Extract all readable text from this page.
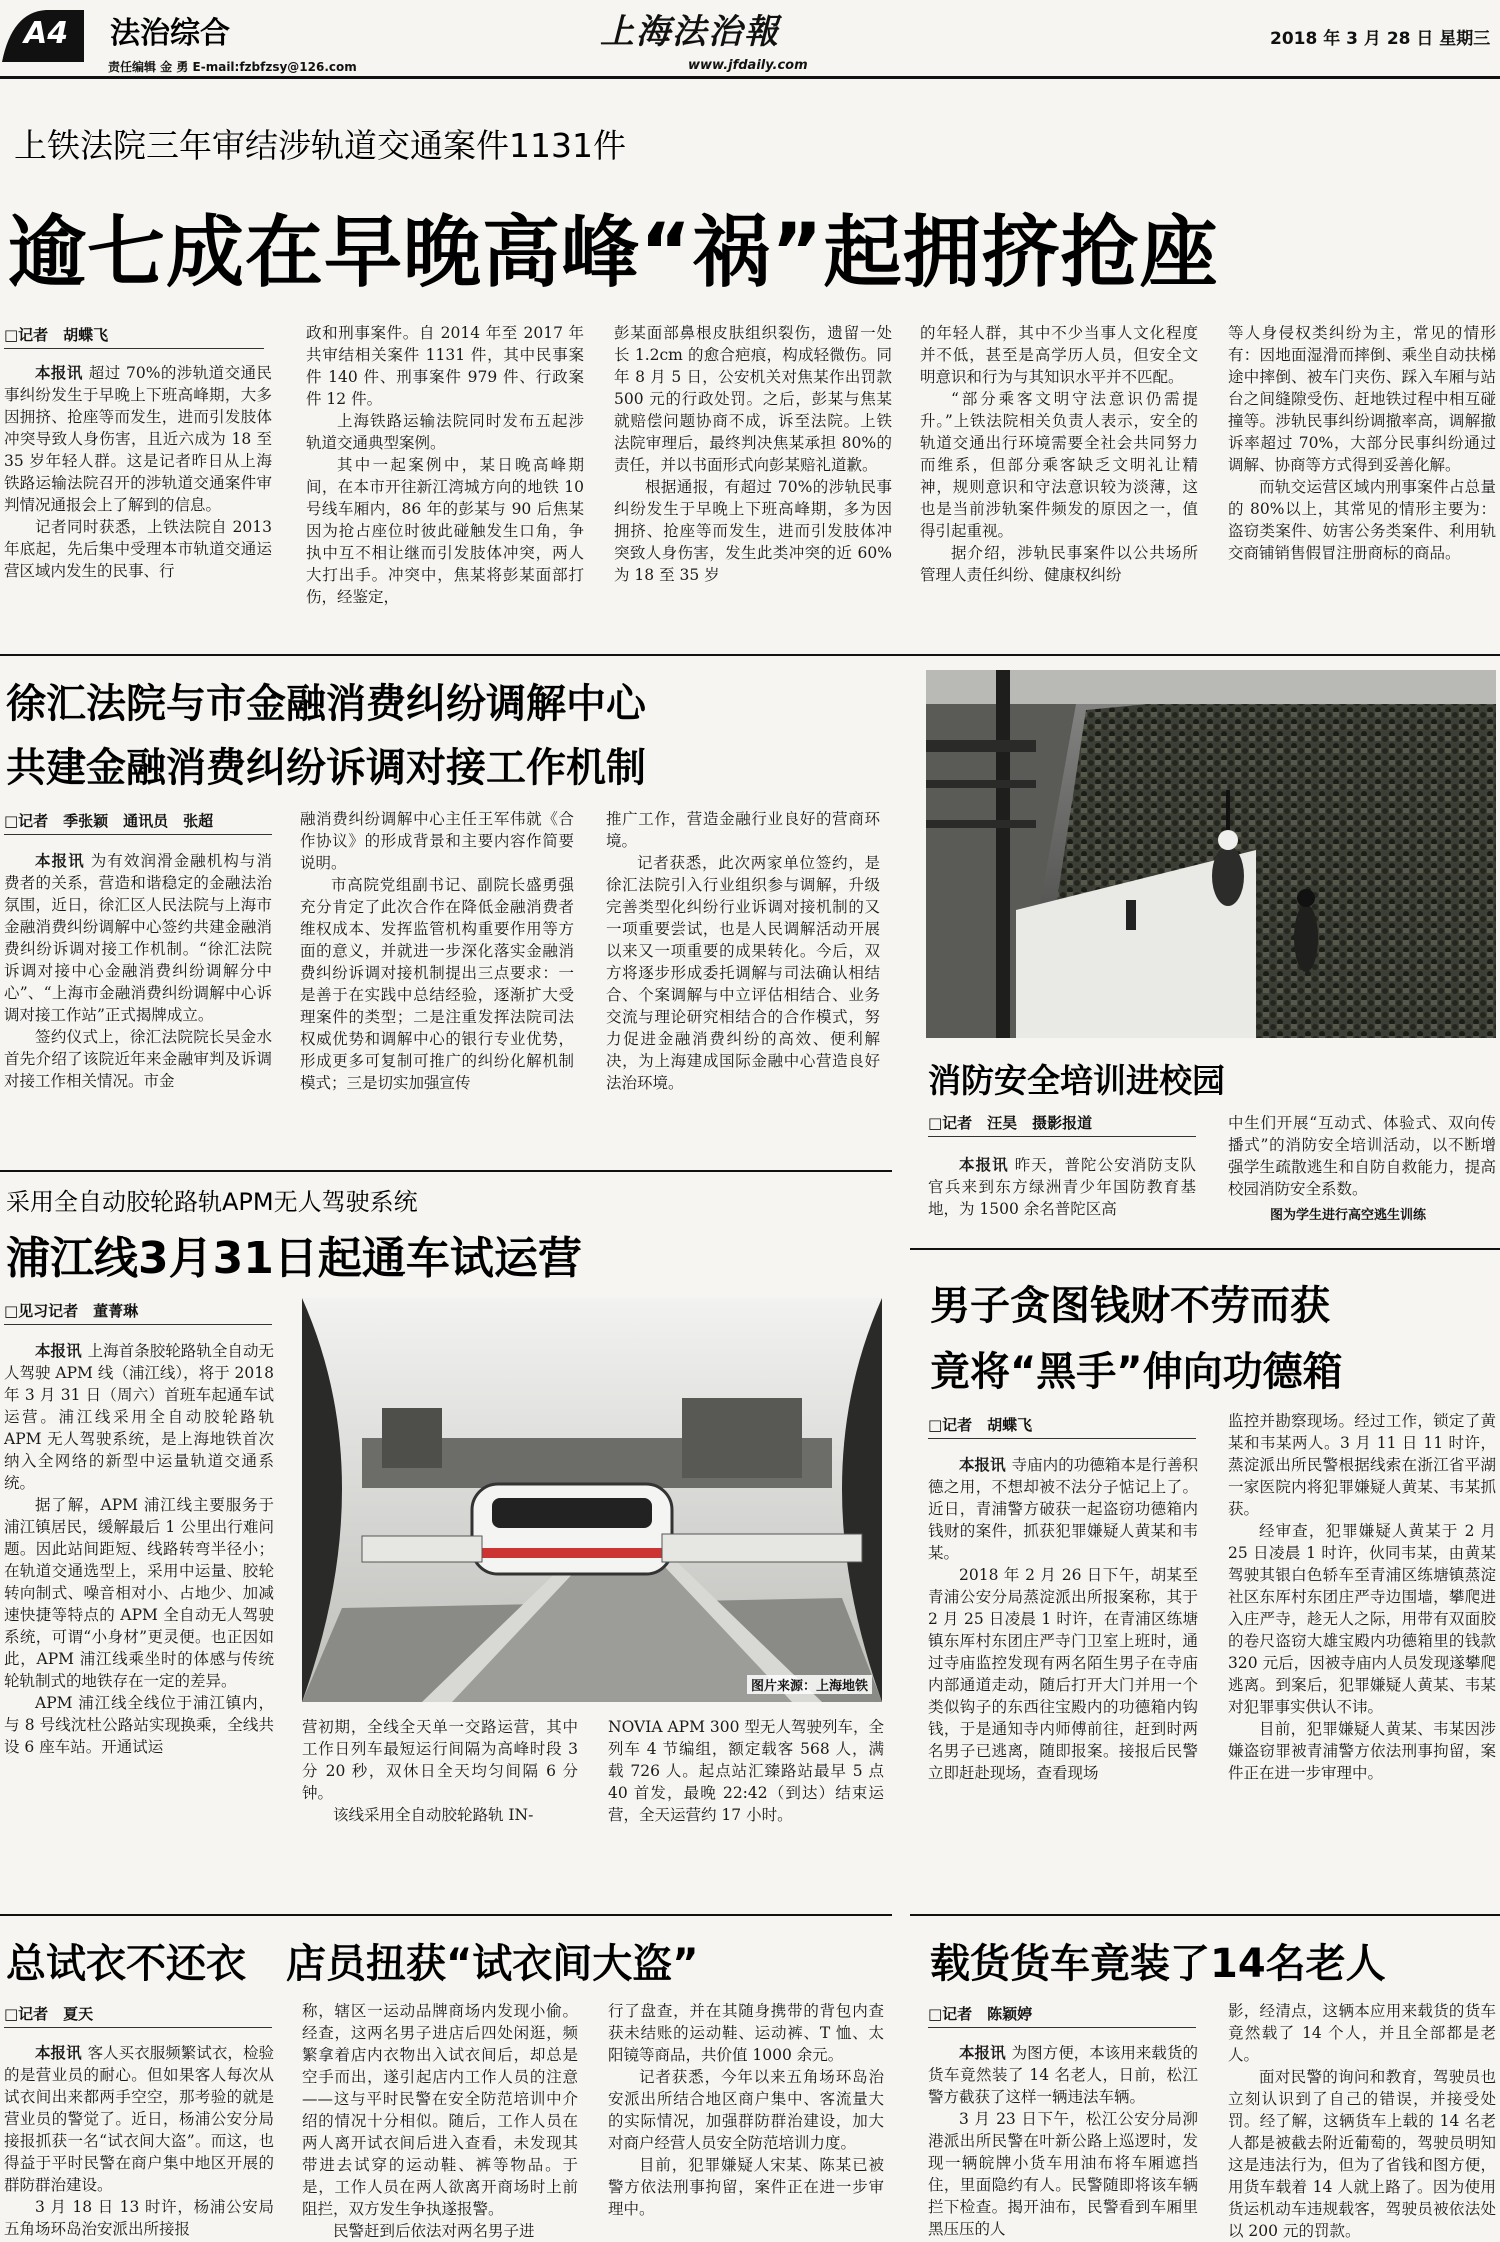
A4 法治综合
责任编辑 金 勇 E-mail:fzbfzsy@126.com
上海法治報
www.jfdaily.com
2018 年 3 月 28 日 星期三
上铁法院三年审结涉轨道交通案件1131件
逾七成在早晚高峰“祸”起拥挤抢座
□记者　胡蝶飞

本报讯 超过 70%的涉轨道交通民事纠纷发生于早晚上下班高峰期，大多因拥挤、抢座等而发生，进而引发肢体冲突导致人身伤害，且近六成为 18 至 35 岁年轻人群。这是记者昨日从上海铁路运输法院召开的涉轨道交通案件审判情况通报会上了解到的信息。

记者同时获悉，上铁法院自 2013 年底起，先后集中受理本市轨道交通运营区域内发生的民事、行

政和刑事案件。自 2014 年至 2017 年共审结相关案件 1131 件，其中民事案件 140 件、刑事案件 979 件、行政案件 12 件。

上海铁路运输法院同时发布五起涉轨道交通典型案例。

其中一起案例中，某日晚高峰期间，在本市开往新江湾城方向的地铁 10 号线车厢内，86 年的彭某与 90 后焦某因为抢占座位时彼此碰触发生口角，争执中互不相让继而引发肢体冲突，两人大打出手。冲突中，焦某将彭某面部打伤，经鉴定，

彭某面部鼻根皮肤组织裂伤，遗留一处长 1.2cm 的愈合疤痕，构成轻微伤。同年 8 月 5 日，公安机关对焦某作出罚款 500 元的行政处罚。之后，彭某与焦某就赔偿问题协商不成，诉至法院。上铁法院审理后，最终判决焦某承担 80%的责任，并以书面形式向彭某赔礼道歉。

根据通报，有超过 70%的涉轨民事纠纷发生于早晚上下班高峰期，多为因拥挤、抢座等而发生，进而引发肢体冲突致人身伤害，发生此类冲突的近 60%为 18 至 35 岁

的年轻人群，其中不少当事人文化程度并不低，甚至是高学历人员，但安全文明意识和行为与其知识水平并不匹配。

“部分乘客文明守法意识仍需提升。”上铁法院相关负责人表示，安全的轨道交通出行环境需要全社会共同努力而维系，但部分乘客缺乏文明礼让精神，规则意识和守法意识较为淡薄，这也是当前涉轨案件频发的原因之一，值得引起重视。

据介绍，涉轨民事案件以公共场所管理人责任纠纷、健康权纠纷

等人身侵权类纠纷为主，常见的情形有：因地面湿滑而摔倒、乘坐自动扶梯途中摔倒、被车门夹伤、踩入车厢与站台之间缝隙受伤、赶地铁过程中相互碰撞等。涉轨民事纠纷调撤率高，调解撤诉率超过 70%，大部分民事纠纷通过调解、协商等方式得到妥善化解。

而轨交运营区域内刑事案件占总量的 80%以上，其常见的情形主要为：盗窃类案件、妨害公务类案件、利用轨交商铺销售假冒注册商标的商品。

徐汇法院与市金融消费纠纷调解中心
共建金融消费纠纷诉调对接工作机制
□记者　季张颖　通讯员　张超

本报讯 为有效润滑金融机构与消费者的关系，营造和谐稳定的金融法治氛围，近日，徐汇区人民法院与上海市金融消费纠纷调解中心签约共建金融消费纠纷诉调对接工作机制。“徐汇法院诉调对接中心金融消费纠纷调解分中心”、“上海市金融消费纠纷调解中心诉调对接工作站”正式揭牌成立。

签约仪式上，徐汇法院院长吴金水首先介绍了该院近年来金融审判及诉调对接工作相关情况。市金

融消费纠纷调解中心主任王军伟就《合作协议》的形成背景和主要内容作简要说明。

市高院党组副书记、副院长盛勇强充分肯定了此次合作在降低金融消费者维权成本、发挥监管机构重要作用等方面的意义，并就进一步深化落实金融消费纠纷诉调对接机制提出三点要求：一是善于在实践中总结经验，逐渐扩大受理案件的类型；二是注重发挥法院司法权威优势和调解中心的银行专业优势，形成更多可复制可推广的纠纷化解机制模式；三是切实加强宣传

推广工作，营造金融行业良好的营商环境。

记者获悉，此次两家单位签约，是徐汇法院引入行业组织参与调解，升级完善类型化纠纷行业诉调对接机制的又一项重要尝试，也是人民调解活动开展以来又一项重要的成果转化。今后，双方将逐步形成委托调解与司法确认相结合、个案调解与中立评估相结合、业务交流与理论研究相结合的合作模式，努力促进金融消费纠纷的高效、便利解决，为上海建成国际金融中心营造良好法治环境。	消防安全培训进校园
□记者　汪昊　摄影报道

本报讯 昨天，普陀公安消防支队官兵来到东方绿洲青少年国防教育基地，为 1500 余名普陀区高

中生们开展“互动式、体验式、双向传播式”的消防安全培训活动，以不断增强学生疏散逃生和自防自救能力，提高校园消防安全系数。

图为学生进行高空逃生训练
采用全自动胶轮路轨APM无人驾驶系统
浦江线3月31日起通车试运营
□见习记者　董菁琳

本报讯 上海首条胶轮路轨全自动无人驾驶 APM 线（浦江线），将于 2018 年 3 月 31 日（周六）首班车起通车试运营。浦江线采用全自动胶轮路轨 APM 无人驾驶系统，是上海地铁首次纳入全网络的新型中运量轨道交通系统。

据了解，APM 浦江线主要服务于浦江镇居民，缓解最后 1 公里出行难问题。因此站间距短、线路转弯半径小；在轨道交通选型上，采用中运量、胶轮转向制式、噪音相对小、占地少、加减速快捷等特点的 APM 全自动无人驾驶系统，可谓“小身材”更灵便。也正因如此，APM 浦江线乘坐时的体感与传统轮轨制式的地铁存在一定的差异。

APM 浦江线全线位于浦江镇内，与 8 号线沈杜公路站实现换乘，全线共设 6 座车站。开通试运

图片来源：上海地铁

营初期，全线全天单一交路运营，其中工作日列车最短运行间隔为高峰时段 3 分 20 秒，双休日全天均匀间隔 6 分钟。

该线采用全自动胶轮路轨 IN-

NOVIA APM 300 型无人驾驶列车，全列车 4 节编组，额定载客 568 人，满载 726 人。起点站汇臻路站最早 5 点 40 首发，最晚 22:42（到达）结束运营，全天运营约 17 小时。

男子贪图钱财不劳而获
竟将“黑手”伸向功德箱
□记者　胡蝶飞

本报讯 寺庙内的功德箱本是行善积德之用，不想却被不法分子惦记上了。近日，青浦警方破获一起盗窃功德箱内钱财的案件，抓获犯罪嫌疑人黄某和韦某。

2018 年 2 月 26 日下午，胡某至青浦公安分局蒸淀派出所报案称，其于 2 月 25 日凌晨 1 时许，在青浦区练塘镇东厍村东团庄严寺门卫室上班时，通过寺庙监控发现有两名陌生男子在寺庙内部通道走动，随后打开大门并用一个类似钩子的东西往宝殿内的功德箱内钩钱，于是通知寺内师傅前往，赶到时两名男子已逃离，随即报案。接报后民警立即赶赴现场，查看现场

监控并勘察现场。经过工作，锁定了黄某和韦某两人。3 月 11 日 11 时许，蒸淀派出所民警根据线索在浙江省平湖一家医院内将犯罪嫌疑人黄某、韦某抓获。

经审查，犯罪嫌疑人黄某于 2 月 25 日凌晨 1 时许，伙同韦某，由黄某驾驶其银白色轿车至青浦区练塘镇蒸淀社区东厍村东团庄严寺边围墙，攀爬进入庄严寺，趁无人之际，用带有双面胶的卷尺盗窃大雄宝殿内功德箱里的钱款 320 元后，因被寺庙内人员发现遂攀爬逃离。到案后，犯罪嫌疑人黄某、韦某对犯罪事实供认不讳。

目前，犯罪嫌疑人黄某、韦某因涉嫌盗窃罪被青浦警方依法刑事拘留，案件正在进一步审理中。

总试衣不还衣　店员扭获“试衣间大盗”
□记者　夏天

本报讯 客人买衣服频繁试衣，检验的是营业员的耐心。但如果客人每次从试衣间出来都两手空空，那考验的就是营业员的警觉了。近日，杨浦公安分局接报抓获一名“试衣间大盗”。而这，也得益于平时民警在商户集中地区开展的群防群治建设。

3 月 18 日 13 时许，杨浦公安局五角场环岛治安派出所接报

称，辖区一运动品牌商场内发现小偷。经查，这两名男子进店后四处闲逛，频繁拿着店内衣物出入试衣间后，却总是空手而出，遂引起店内工作人员的注意——这与平时民警在安全防范培训中介绍的情况十分相似。随后，工作人员在两人离开试衣间后进入查看，未发现其带进去试穿的运动鞋、裤等物品。于是，工作人员在两人欲离开商场时上前阻拦，双方发生争执遂报警。

民警赶到后依法对两名男子进

行了盘查，并在其随身携带的背包内查获未结账的运动鞋、运动裤、T 恤、太阳镜等商品，共价值 1000 余元。

记者获悉，今年以来五角场环岛治安派出所结合地区商户集中、客流量大的实际情况，加强群防群治建设，加大对商户经营人员安全防范培训力度。

目前，犯罪嫌疑人宋某、陈某已被警方依法刑事拘留，案件正在进一步审理中。

载货货车竟装了14名老人
□记者　陈颖婷

本报讯 为图方便，本该用来载货的货车竟然装了 14 名老人，日前，松江警方截获了这样一辆违法车辆。

3 月 23 日下午，松江公安分局泖港派出所民警在叶新公路上巡逻时，发现一辆皖牌小货车用油布将车厢遮挡住，里面隐约有人。民警随即将该车辆拦下检查。揭开油布，民警看到车厢里黑压压的人

影，经清点，这辆本应用来载货的货车竟然载了 14 个人，并且全部都是老人。

面对民警的询问和教育，驾驶员也立刻认识到了自己的错误，并接受处罚。经了解，这辆货车上载的 14 名老人都是被截去附近葡萄的，驾驶员明知这是违法行为，但为了省钱和图方便，用货车载着 14 人就上路了。因为使用货运机动车违规载客，驾驶员被依法处以 200 元的罚款。
